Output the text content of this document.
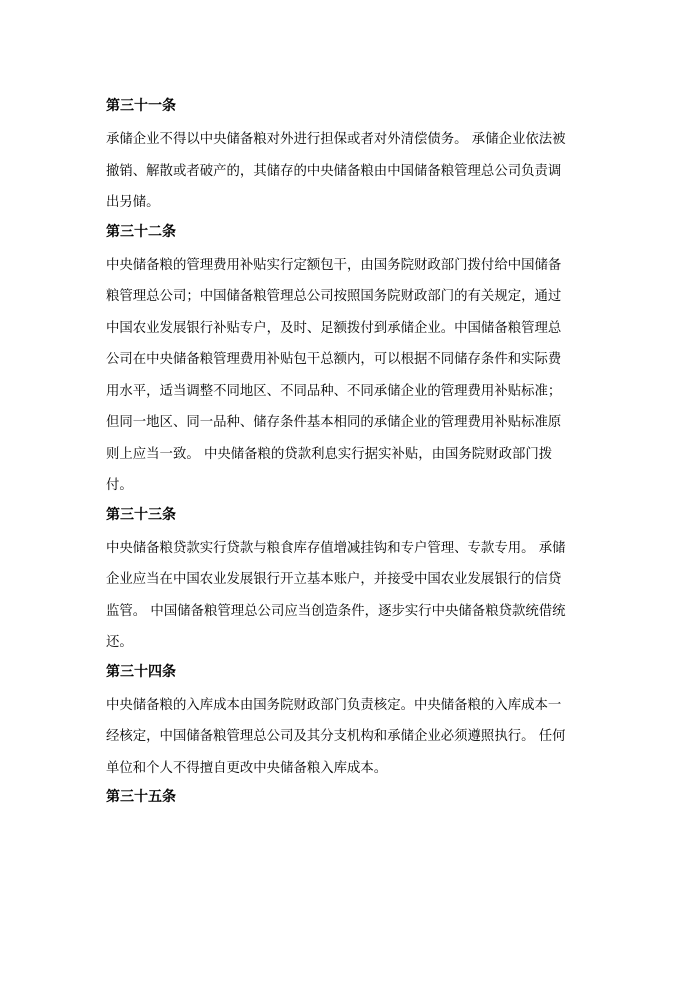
第三十一条
承储企业不得以中央储备粮对外进行担保或者对外清偿债务。 承储企业依法被
撤销、解散或者破产的，其储存的中央储备粮由中国储备粮管理总公司负责调
出另储。
第三十二条
中央储备粮的管理费用补贴实行定额包干，由国务院财政部门拨付给中国储备
粮管理总公司；中国储备粮管理总公司按照国务院财政部门的有关规定，通过
中国农业发展银行补贴专户，及时、足额拨付到承储企业。中国储备粮管理总
公司在中央储备粮管理费用补贴包干总额内，可以根据不同储存条件和实际费
用水平，适当调整不同地区、不同品种、不同承储企业的管理费用补贴标准；
但同一地区、同一品种、储存条件基本相同的承储企业的管理费用补贴标准原
则上应当一致。 中央储备粮的贷款利息实行据实补贴，由国务院财政部门拨
付。
第三十三条
中央储备粮贷款实行贷款与粮食库存值增减挂钩和专户管理、专款专用。 承储
企业应当在中国农业发展银行开立基本账户，并接受中国农业发展银行的信贷
监管。 中国储备粮管理总公司应当创造条件，逐步实行中央储备粮贷款统借统
还。
第三十四条
中央储备粮的入库成本由国务院财政部门负责核定。中央储备粮的入库成本一
经核定，中国储备粮管理总公司及其分支机构和承储企业必须遵照执行。 任何
单位和个人不得擅自更改中央储备粮入库成本。
第三十五条
